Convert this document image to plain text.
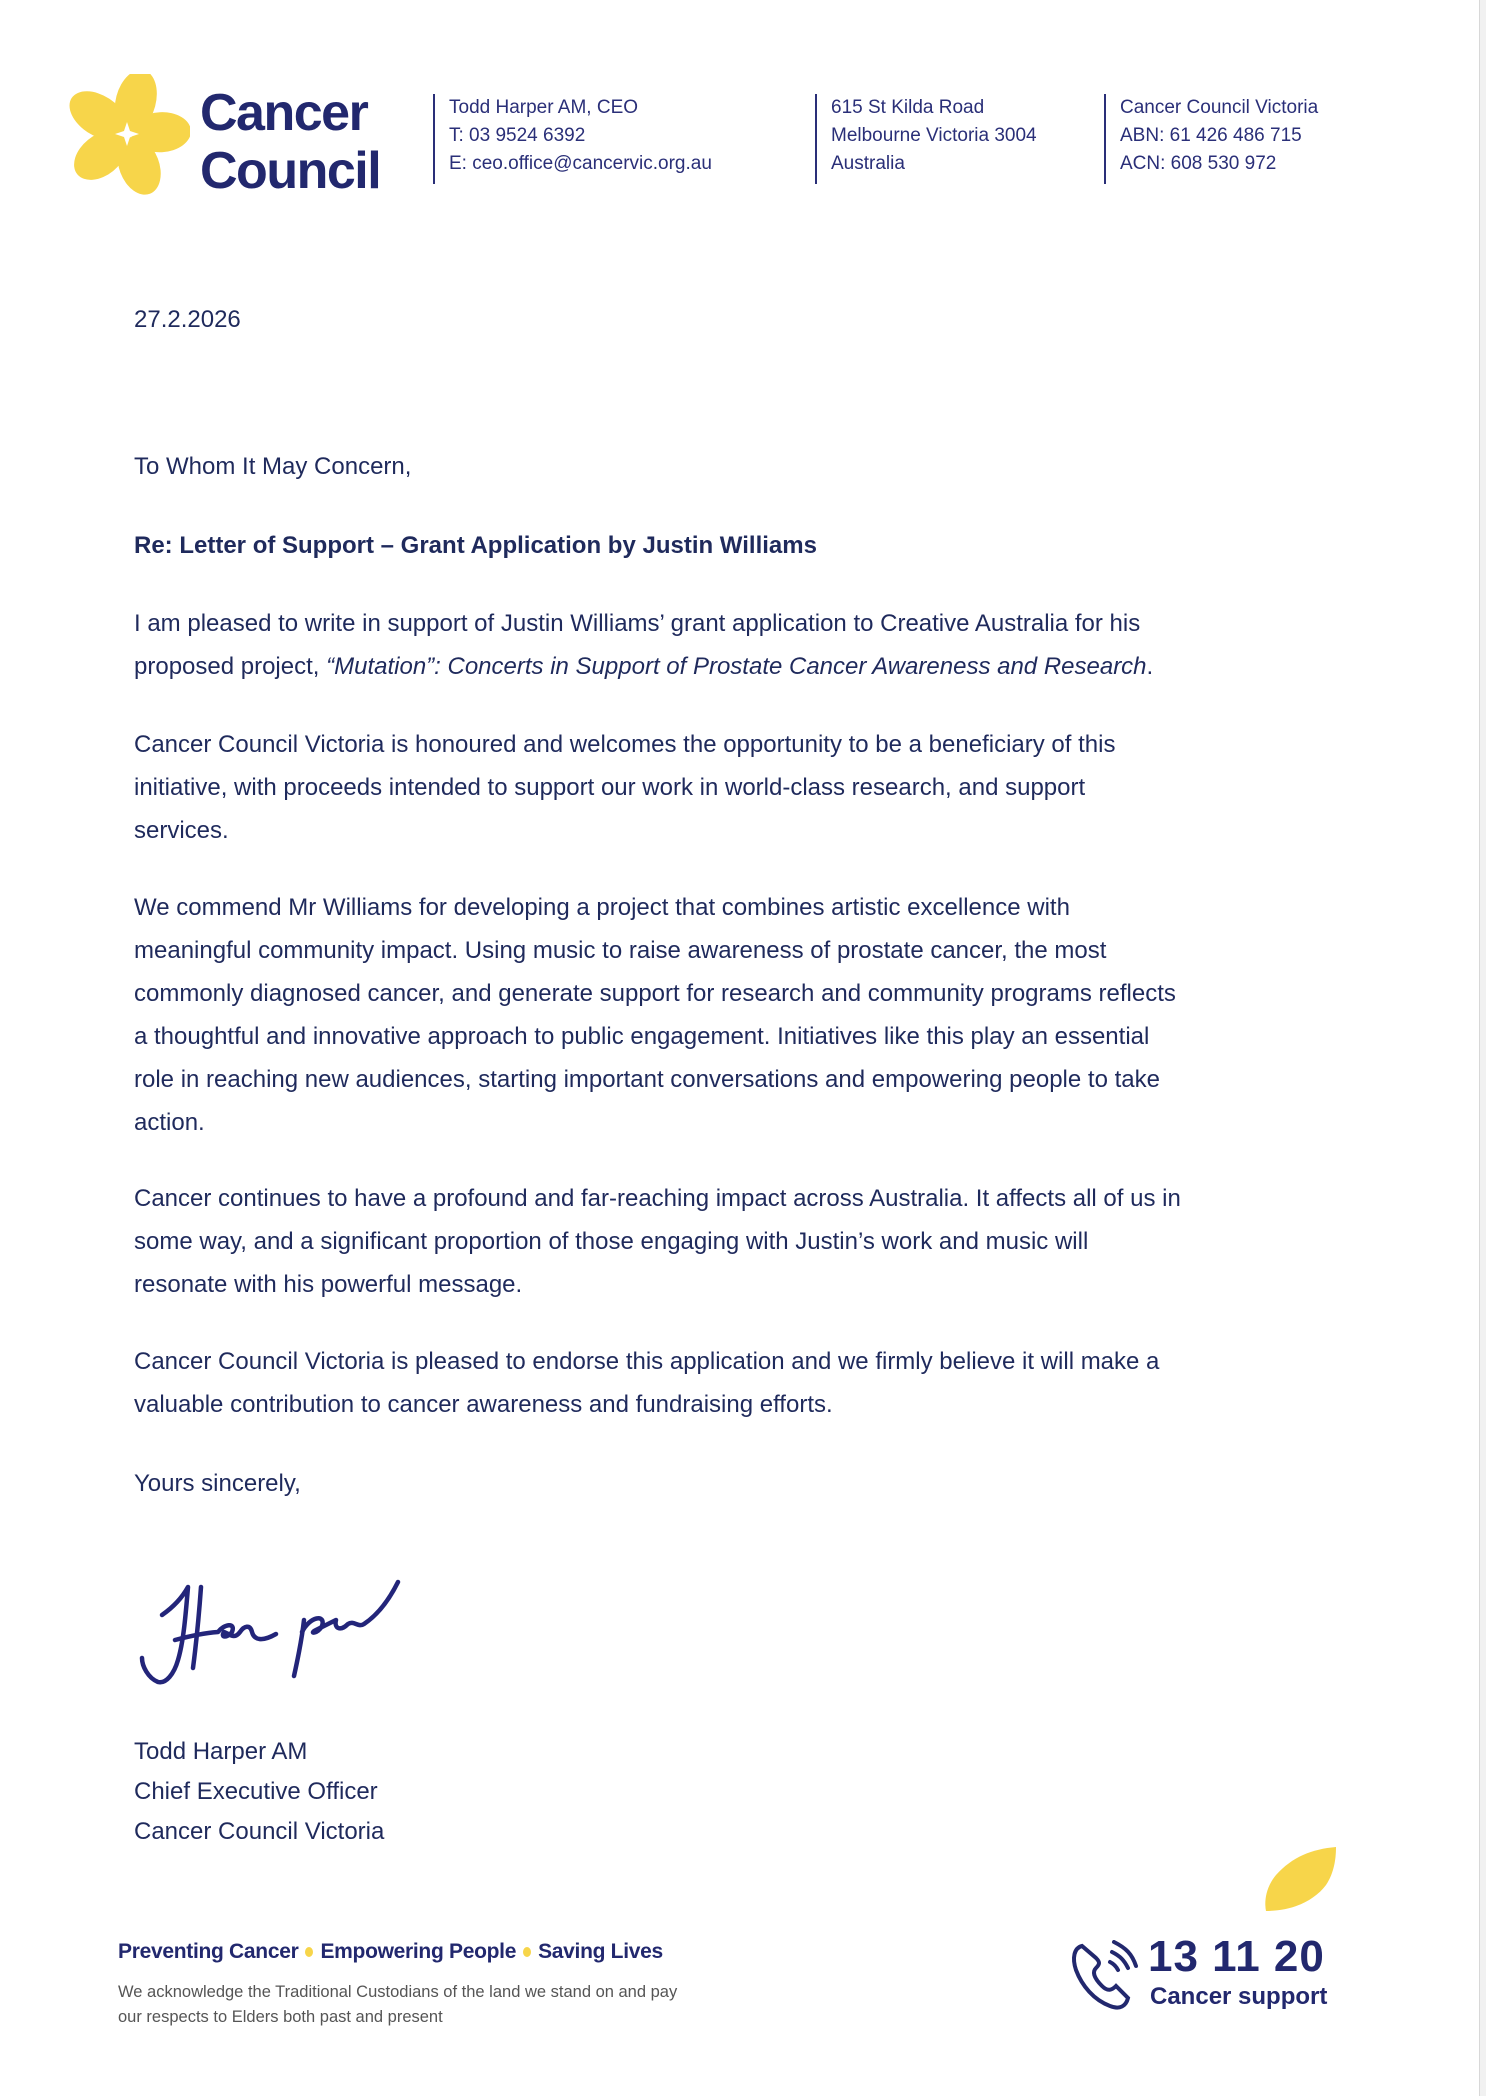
Cancer
Council
Todd Harper AM, CEO
T: 03 9524 6392
E: ceo.office@cancervic.org.au
615 St Kilda Road
Melbourne Victoria 3004
Australia
Cancer Council Victoria
ABN: 61 426 486 715
ACN: 608 530 972
27.2.2026
To Whom It May Concern,
Re: Letter of Support – Grant Application by Justin Williams
I am pleased to write in support of Justin Williams’ grant application to Creative Australia for his
proposed project, “Mutation”: Concerts in Support of Prostate Cancer Awareness and Research.
Cancer Council Victoria is honoured and welcomes the opportunity to be a beneficiary of this
initiative, with proceeds intended to support our work in world-class research, and support
services.
We commend Mr Williams for developing a project that combines artistic excellence with
meaningful community impact. Using music to raise awareness of prostate cancer, the most
commonly diagnosed cancer, and generate support for research and community programs reflects
a thoughtful and innovative approach to public engagement. Initiatives like this play an essential
role in reaching new audiences, starting important conversations and empowering people to take
action.
Cancer continues to have a profound and far-reaching impact across Australia. It affects all of us in
some way, and a significant proportion of those engaging with Justin’s work and music will
resonate with his powerful message.
Cancer Council Victoria is pleased to endorse this application and we firmly believe it will make a
valuable contribution to cancer awareness and fundraising efforts.
Yours sincerely,
Todd Harper AM
Chief Executive Officer
Cancer Council Victoria
Preventing Cancer Empowering People Saving Lives
We acknowledge the Traditional Custodians of the land we stand on and pay
our respects to Elders both past and present
13 11 20
Cancer support
